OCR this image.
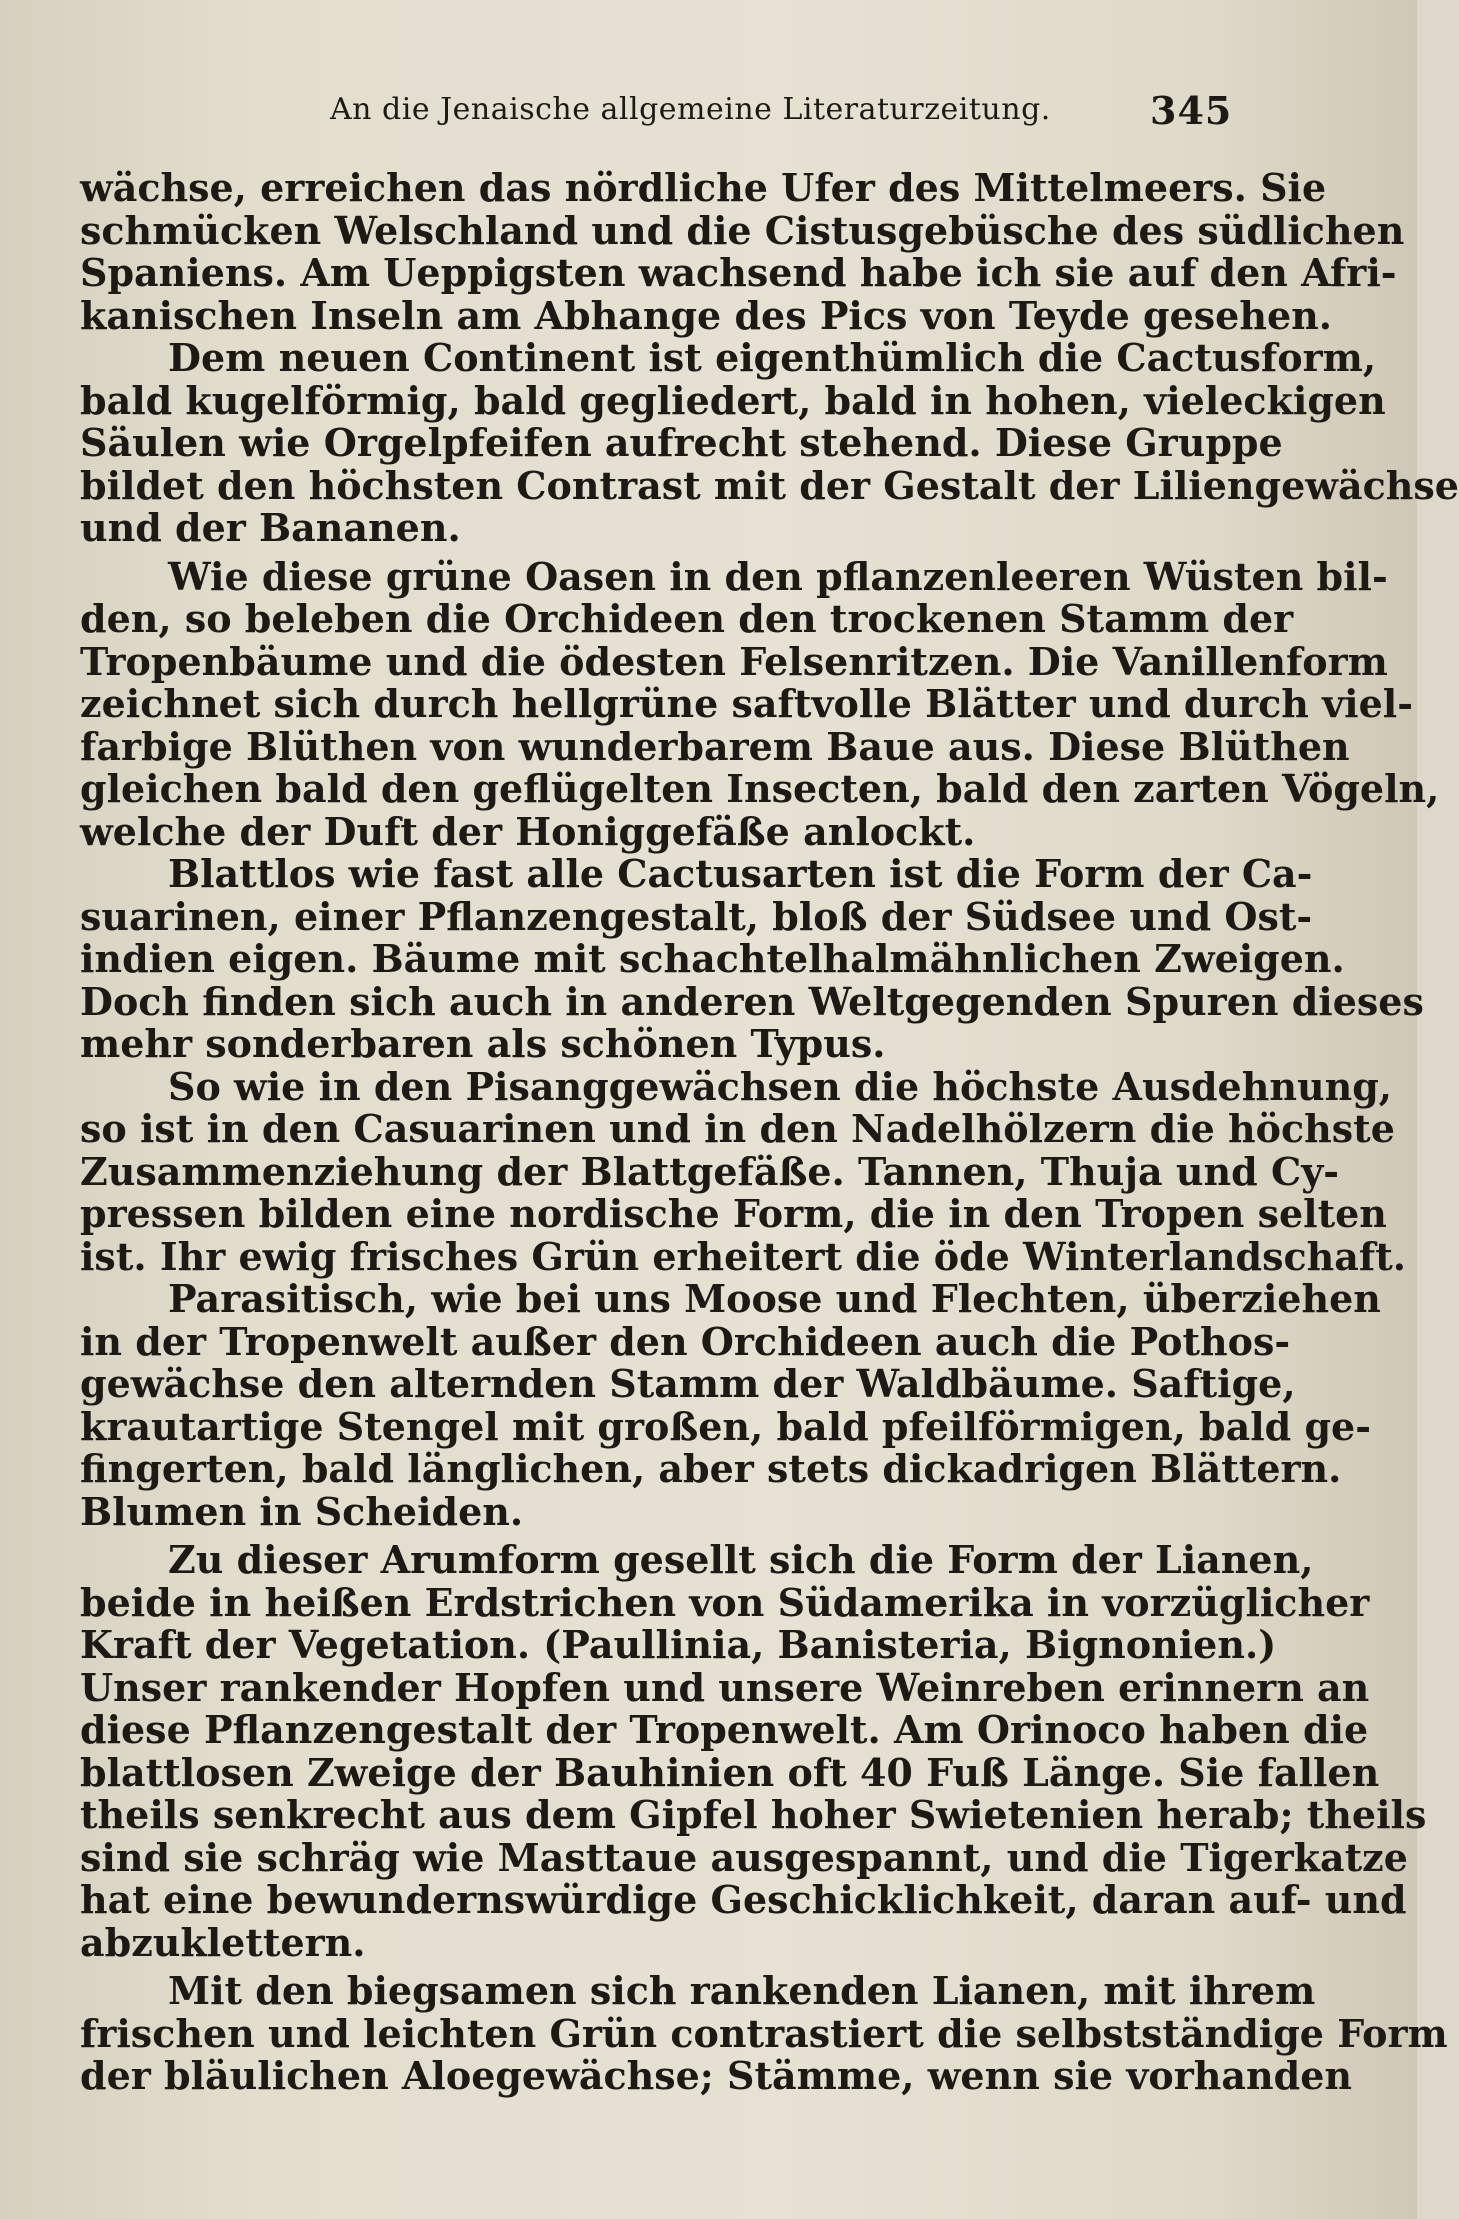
An die Jenaische allgemeine Literaturzeitung.	345
wächse, erreichen das nördliche Ufer des Mittelmeers. Sie
schmücken Welschland und die Cistusgebüsche des südlichen
Spaniens. Am Ueppigsten wachsend habe ich sie auf den Afri-
kanischen Inseln am Abhange des Pics von Teyde gesehen.
Dem neuen Continent ist eigenthümlich die Cactusform,
bald kugelförmig, bald gegliedert, bald in hohen, vieleckigen
Säulen wie Orgelpfeifen aufrecht stehend. Diese Gruppe
bildet den höchsten Contrast mit der Gestalt der Liliengewächse
und der Bananen.
Wie diese grüne Oasen in den pflanzenleeren Wüsten bil-
den, so beleben die Orchideen den trockenen Stamm der
Tropenbäume und die ödesten Felsenritzen. Die Vanillenform
zeichnet sich durch hellgrüne saftvolle Blätter und durch viel-
farbige Blüthen von wunderbarem Baue aus. Diese Blüthen
gleichen bald den geflügelten Insecten, bald den zarten Vögeln,
welche der Duft der Honiggefäße anlockt.
Blattlos wie fast alle Cactusarten ist die Form der Ca-
suarinen, einer Pflanzengestalt, bloß der Südsee und Ost-
indien eigen. Bäume mit schachtelhalmähnlichen Zweigen.
Doch finden sich auch in anderen Weltgegenden Spuren dieses
mehr sonderbaren als schönen Typus.
So wie in den Pisanggewächsen die höchste Ausdehnung,
so ist in den Casuarinen und in den Nadelhölzern die höchste
Zusammenziehung der Blattgefäße. Tannen, Thuja und Cy-
pressen bilden eine nordische Form, die in den Tropen selten
ist. Ihr ewig frisches Grün erheitert die öde Winterlandschaft.
Parasitisch, wie bei uns Moose und Flechten, überziehen
in der Tropenwelt außer den Orchideen auch die Pothos-
gewächse den alternden Stamm der Waldbäume. Saftige,
krautartige Stengel mit großen, bald pfeilförmigen, bald ge-
fingerten, bald länglichen, aber stets dickadrigen Blättern.
Blumen in Scheiden.
Zu dieser Arumform gesellt sich die Form der Lianen,
beide in heißen Erdstrichen von Südamerika in vorzüglicher
Kraft der Vegetation. (Paullinia, Banisteria, Bignonien.)
Unser rankender Hopfen und unsere Weinreben erinnern an
diese Pflanzengestalt der Tropenwelt. Am Orinoco haben die
blattlosen Zweige der Bauhinien oft 40 Fuß Länge. Sie fallen
theils senkrecht aus dem Gipfel hoher Swietenien herab; theils
sind sie schräg wie Masttaue ausgespannt, und die Tigerkatze
hat eine bewundernswürdige Geschicklichkeit, daran auf- und
abzuklettern.
Mit den biegsamen sich rankenden Lianen, mit ihrem
frischen und leichten Grün contrastiert die selbstständige Form
der bläulichen Aloegewächse; Stämme, wenn sie vorhanden
